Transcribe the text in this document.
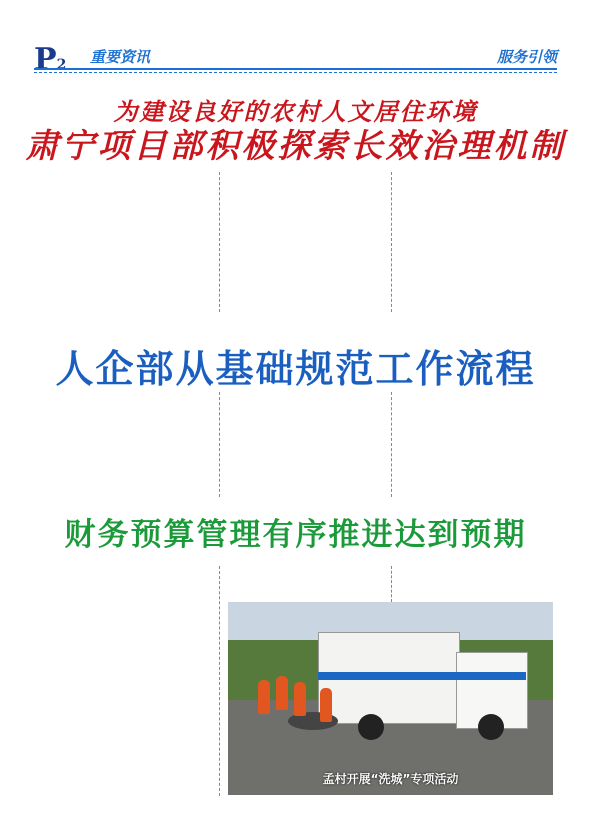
P2 重要资讯	服务引领
为建设良好的农村人文居住环境
肃宁项目部积极探索长效治理机制
人企部从基础规范工作流程
财务预算管理有序推进达到预期
孟村开展“洗城”专项活动
